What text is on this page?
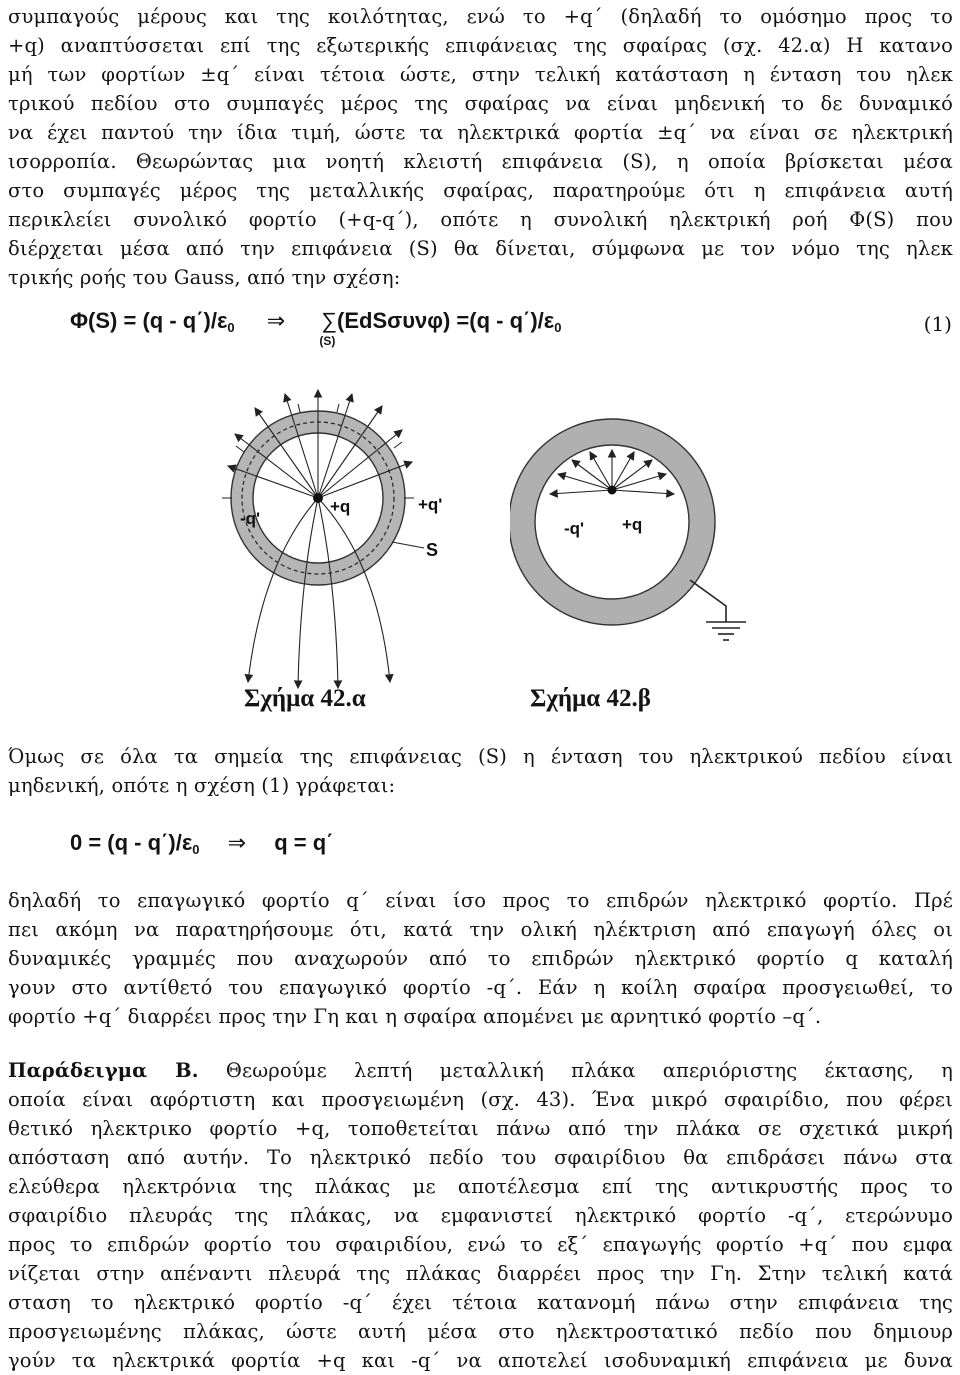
συμπαγούς μέρους και της κοιλότητας, ενώ το +q΄ (δηλαδή το ομόσημο προς το
+q) αναπτύσσεται επί της εξωτερικής επιφάνειας της σφαίρας (σχ. 42.α) Η κατανο
μή των φορτίων ±q΄ είναι τέτοια ώστε, στην τελική κατάσταση η ένταση του ηλεκ
τρικού πεδίου στο συμπαγές μέρος της σφαίρας να είναι μηδενική το δε δυναμικό
να έχει παντού την ίδια τιμή, ώστε τα ηλεκτρικά φορτία ±q΄ να είναι σε ηλεκτρική
ισορροπία. Θεωρώντας μια νοητή κλειστή επιφάνεια (S), η οποία βρίσκεται μέσα
στο συμπαγές μέρος της μεταλλικής σφαίρας, παρατηρούμε ότι η επιφάνεια αυτή
περικλείει συνολικό φορτίο (+q-q΄), οπότε η συνολική ηλεκτρική ροή Φ(S) που
διέρχεται μέσα από την επιφάνεια (S) θα δίνεται, σύμφωνα με τον νόμο της ηλεκ
τρικής ροής του Gauss, από την σχέση:
$\Phi(S) = (q - q΄)/\varepsilon_0$ ⇒ ∑
(S)
$(EdS\sigma\upsilon\nu\varphi) =(q - q΄)/\varepsilon_0$	(1)
-q'
+q	+q'
S
-q' +q
Σχήμα 42.α	Σχήμα 42.β
Όμως σε όλα τα σημεία της επιφάνειας (S) η ένταση του ηλεκτρικού πεδίου είναι
μηδενική, οπότε η σχέση (1) γράφεται:
$0 = (q - q΄)/\varepsilon_0$ ⇒ q = q΄
δηλαδή το επαγωγικό φορτίο q΄ είναι ίσο προς το επιδρών ηλεκτρικό φορτίο. Πρέ
πει ακόμη να παρατηρήσουμε ότι, κατά την ολική ηλέκτριση από επαγωγή όλες οι
δυναμικές γραμμές που αναχωρούν από το επιδρών ηλεκτρικό φορτίο q καταλή
γουν στο αντίθετό του επαγωγικό φορτίο -q΄. Εάν η κοίλη σφαίρα προσγειωθεί, το
φορτίο +q΄ διαρρέει προς την Γη και η σφαίρα απομένει με αρνητικό φορτίο –q΄.
Παράδειγμα Β. Θεωρούμε λεπτή μεταλλική πλάκα απεριόριστης έκτασης, η
οποία είναι αφόρτιστη και προσγειωμένη (σχ. 43). Ένα μικρό σφαιρίδιο, που φέρει
θετικό ηλεκτρικο φορτίο +q, τοποθετείται πάνω από την πλάκα σε σχετικά μικρή
απόσταση από αυτήν. Το ηλεκτρικό πεδίο του σφαιρίδιου θα επιδράσει πάνω στα
ελεύθερα ηλεκτρόνια της πλάκας με αποτέλεσμα επί της αντικρυστής προς το
σφαιρίδιο πλευράς της πλάκας, να εμφανιστεί ηλεκτρικό φορτίο -q΄, ετερώνυμο
προς το επιδρών φορτίο του σφαιριδίου, ενώ το εξ΄ επαγωγής φορτίο +q΄ που εμφα
νίζεται στην απέναντι πλευρά της πλάκας διαρρέει προς την Γη. Στην τελική κατά
σταση το ηλεκτρικό φορτίο -q΄ έχει τέτοια κατανομή πάνω στην επιφάνεια της
προσγειωμένης πλάκας, ώστε αυτή μέσα στο ηλεκτροστατικό πεδίο που δημιουρ
γούν τα ηλεκτρικά φορτία +q και -q΄ να αποτελεί ισοδυναμική επιφάνεια με δυνα
